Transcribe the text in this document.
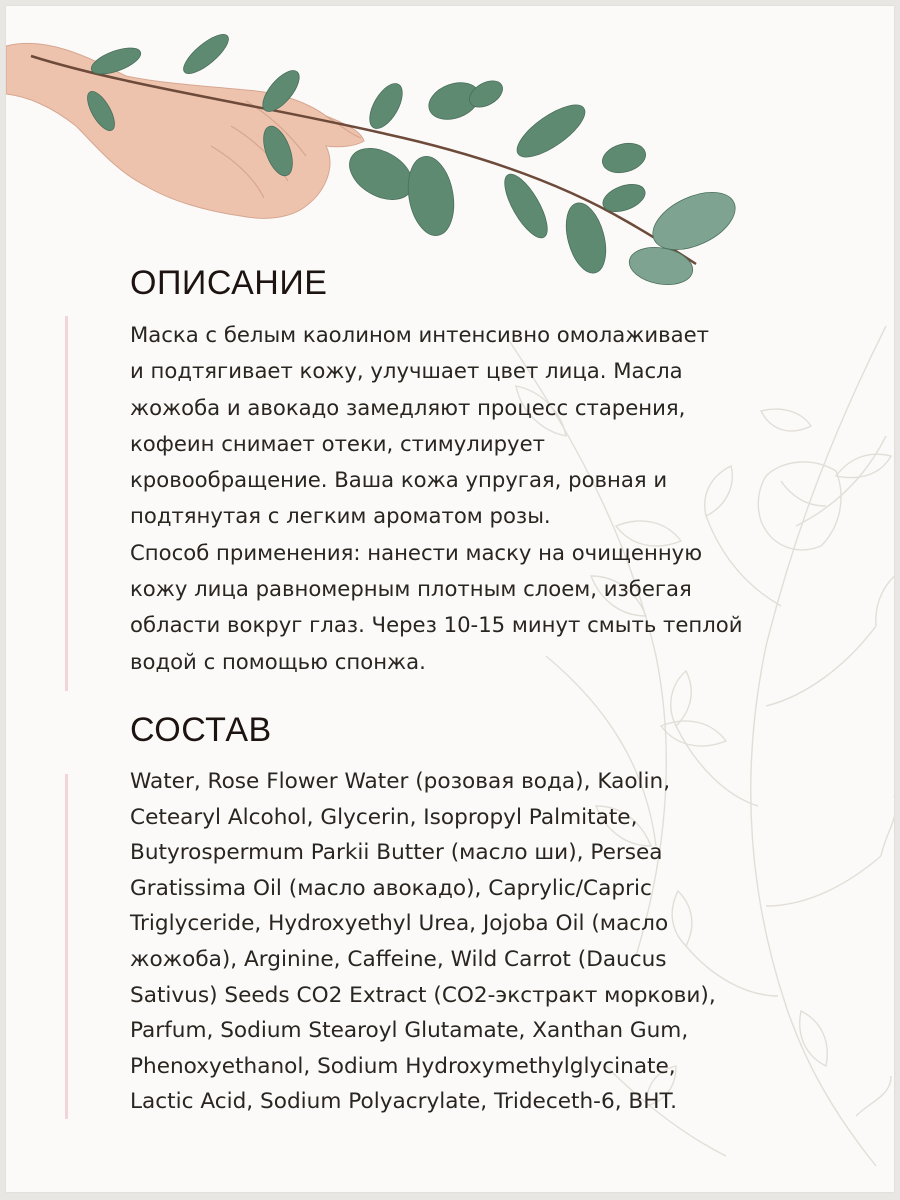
ОПИСАНИЕ

Маска с белым каолином интенсивно омолаживает
и подтягивает кожу, улучшает цвет лица. Масла
жожоба и авокадо замедляют процесс старения,
кофеин снимает отеки, стимулирует
кровообращение. Ваша кожа упругая, ровная и
подтянутая с легким ароматом розы.
Способ применения: нанести маску на очищенную
кожу лица равномерным плотным слоем, избегая
области вокруг глаз. Через 10-15 минут смыть теплой
водой с помощью спонжа.

СОСТАВ

Water, Rose Flower Water (розовая вода), Kaolin,
Cetearyl Alcohol, Glycerin, Isopropyl Palmitate,
Butyrospermum Parkii Butter (масло ши), Persea
Gratissima Oil (масло авокадо), Caprylic/Capric
Triglyceride, Hydroxyethyl Urea, Jojoba Oil (масло
жожоба), Arginine, Caffeine, Wild Carrot (Daucus
Sativus) Seeds CO2 Extract (CO2-экстракт моркови),
Parfum, Sodium Stearoyl Glutamate, Xanthan Gum,
Phenoxyethanol, Sodium Hydroxymethylglycinate,
Lactic Acid, Sodium Polyacrylate, Trideceth-6, BHT.
